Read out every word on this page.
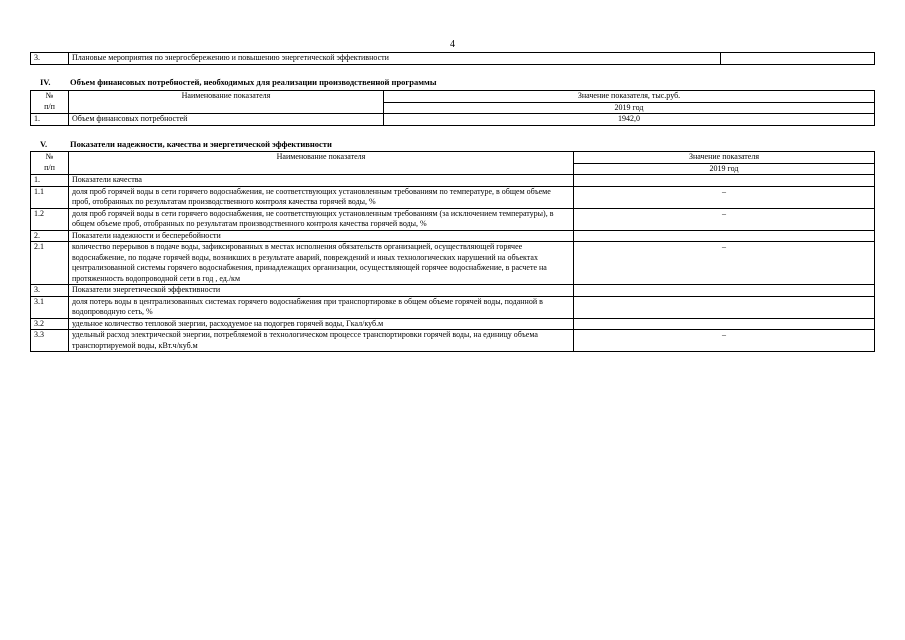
4
3.	Плановые мероприятия по энергосбережению и повышению энергетической эффективности	
IV. Объем финансовых потребностей, необходимых для реализации производственной программы
№
п/п	Наименование показателя	Значение показателя, тыс.руб.
		2019 год
1.	Объем финансовых потребностей	1942,0
V.	Показатели надежности, качества и энергетической эффективности
№
п/п	Наименование показателя	Значение показателя
		2019 год
1.	Показатели качества	
1.1	доля проб горячей воды в сети горячего водоснабжения, не соответствующих установленным требованиям по температуре, в общем объеме проб, отобранных по результатам производственного контроля качества горячей воды, %	–
1.2	доля проб горячей воды в сети горячего водоснабжения, не соответствующих установленным требованиям (за исключением температуры), в общем объеме проб, отобранных по результатам производственного контроля качества горячей воды, %	–
2.	Показатели надежности и бесперебойности	
2.1	количество перерывов в подаче воды, зафиксированных в местах исполнения обязательств организацией, осуществляющей горячее водоснабжение, по подаче горячей воды, возникших в результате аварий, повреждений и иных технологических нарушений на объектах централизованной системы горячего водоснабжения, принадлежащих организации, осуществляющей горячее водоснабжение, в расчете на протяженность водопроводной сети в год , ед./км	–
3.	Показатели энергетической эффективности	
3.1	доля потерь воды в централизованных системах горячего водоснабжения при транспортировке в общем объеме горячей воды, поданной в водопроводную сеть, %	
3.2	удельное количество тепловой энергии, расходуемое на подогрев горячей воды, Гкал/куб.м	
3.3	удельный расход электрической энергии, потребляемой в технологическом процессе транспортировки горячей воды, на единицу объема транспортируемой воды, кВт.ч/куб.м	–
